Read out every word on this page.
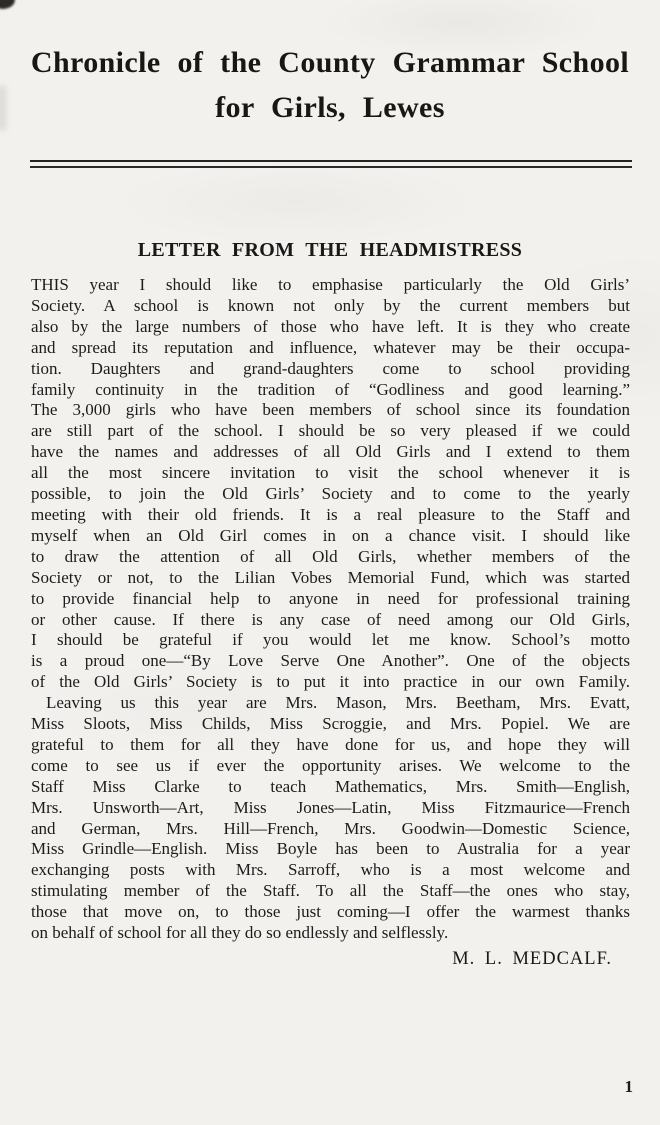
Chronicle of the County Grammar School
for Girls, Lewes
LETTER FROM THE HEADMISTRESS
THIS year I should like to emphasise particularly the Old Girls’
Society. A school is known not only by the current members but
also by the large numbers of those who have left. It is they who create
and spread its reputation and influence, whatever may be their occupa-
tion. Daughters and grand-daughters come to school providing
family continuity in the tradition of “Godliness and good learning.”
The 3,000 girls who have been members of school since its foundation
are still part of the school. I should be so very pleased if we could
have the names and addresses of all Old Girls and I extend to them
all the most sincere invitation to visit the school whenever it is
possible, to join the Old Girls’ Society and to come to the yearly
meeting with their old friends. It is a real pleasure to the Staff and
myself when an Old Girl comes in on a chance visit. I should like
to draw the attention of all Old Girls, whether members of the
Society or not, to the Lilian Vobes Memorial Fund, which was started
to provide financial help to anyone in need for professional training
or other cause. If there is any case of need among our Old Girls,
I should be grateful if you would let me know. School’s motto
is a proud one—“By Love Serve One Another”. One of the objects
of the Old Girls’ Society is to put it into practice in our own Family.
Leaving us this year are Mrs. Mason, Mrs. Beetham, Mrs. Evatt,
Miss Sloots, Miss Childs, Miss Scroggie, and Mrs. Popiel. We are
grateful to them for all they have done for us, and hope they will
come to see us if ever the opportunity arises. We welcome to the
Staff Miss Clarke to teach Mathematics, Mrs. Smith—English,
Mrs. Unsworth—Art, Miss Jones—Latin, Miss Fitzmaurice—French
and German, Mrs. Hill—French, Mrs. Goodwin—Domestic Science,
Miss Grindle—English. Miss Boyle has been to Australia for a year
exchanging posts with Mrs. Sarroff, who is a most welcome and
stimulating member of the Staff. To all the Staff—the ones who stay,
those that move on, to those just coming—I offer the warmest thanks
on behalf of school for all they do so endlessly and selflessly.
M. L. MEDCALF.
1
